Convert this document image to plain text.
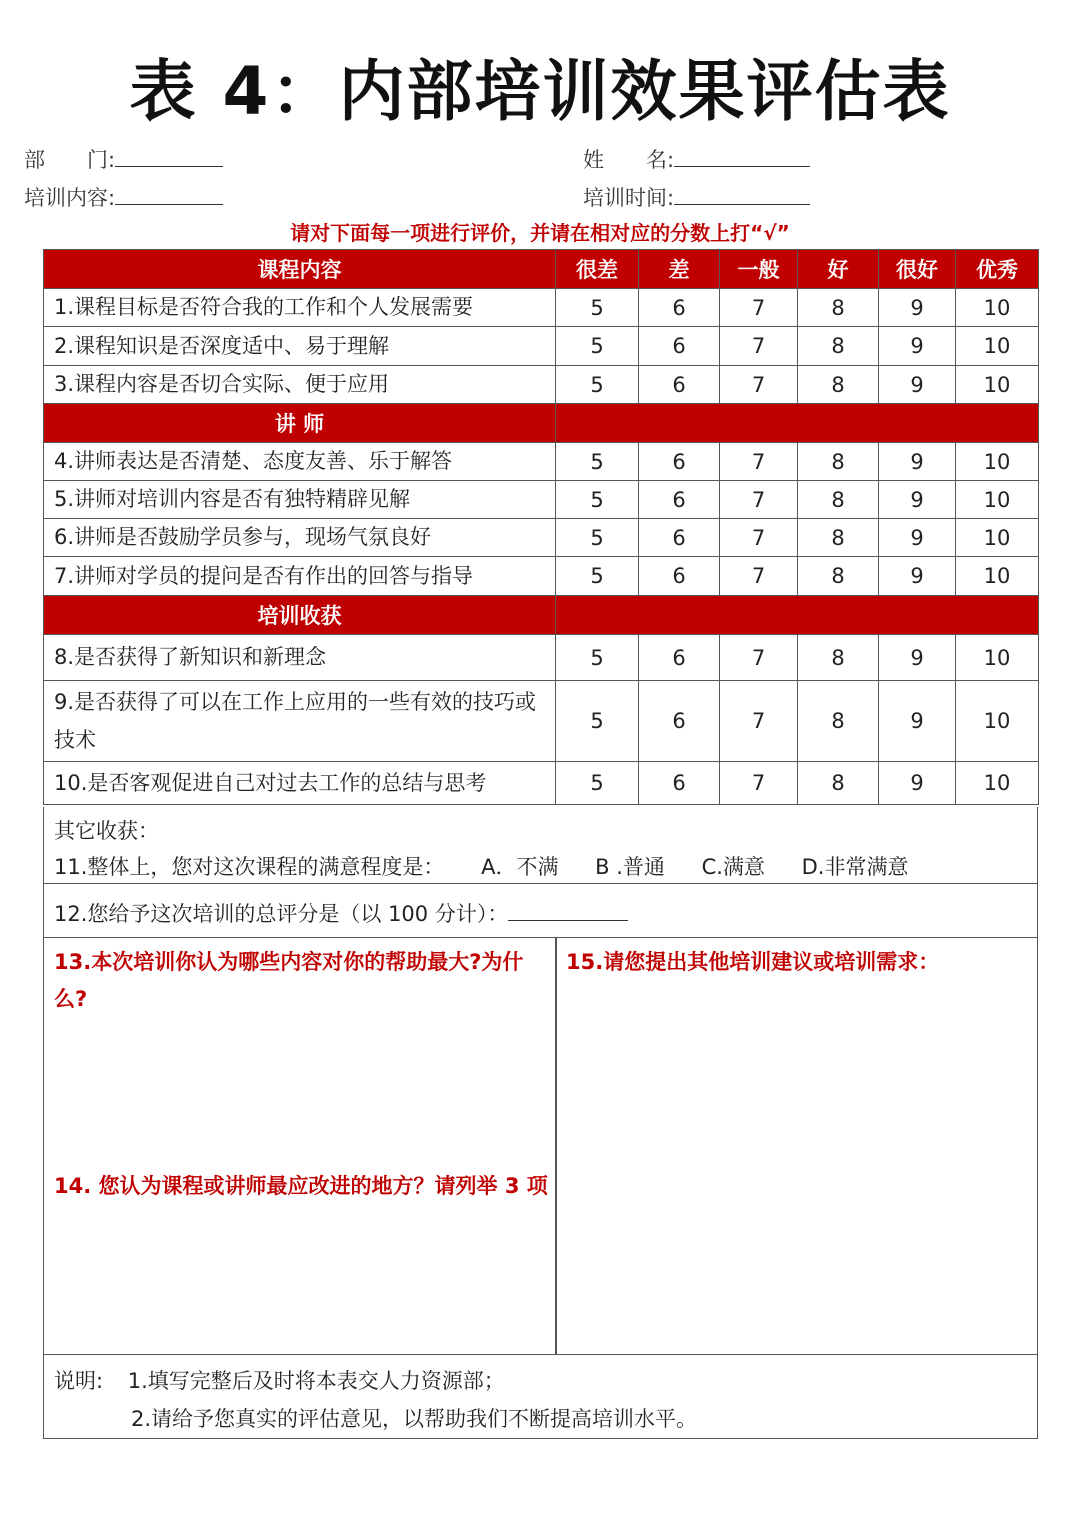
表 4：内部培训效果评估表
部　　门:	姓　　名:
培训内容:	培训时间:
请对下面每一项进行评价，并请在相对应的分数上打“√”
课程内容	很差	差	一般	好	很好	优秀
1.课程目标是否符合我的工作和个人发展需要	5	6	7	8	9	10
2.课程知识是否深度适中、易于理解	5	6	7	8	9	10
3.课程内容是否切合实际、便于应用	5	6	7	8	9	10
讲 师						
4.讲师表达是否清楚、态度友善、乐于解答	5	6	7	8	9	10
5.讲师对培训内容是否有独特精辟见解	5	6	7	8	9	10
6.讲师是否鼓励学员参与，现场气氛良好	5	6	7	8	9	10
7.讲师对学员的提问是否有作出的回答与指导	5	6	7	8	9	10
培训收获						
8.是否获得了新知识和新理念	5	6	7	8	9	10
9.是否获得了可以在工作上应用的一些有效的技巧或技术	5	6	7	8	9	10
10.是否客观促进自己对过去工作的总结与思考	5	6	7	8	9	10
其它收获：
11.整体上，您对这次课程的满意程度是： A．不满 B .普通 C.满意 D.非常满意
12.您给予这次培训的总评分是（以 100 分计）：
13.本次培训你认为哪些内容对你的帮助最大?为什么?
14. 您认为课程或讲师最应改进的地方？请列举 3 项
15.请您提出其他培训建议或培训需求：
说明: 1.填写完整后及时将本表交人力资源部；
2.请给予您真实的评估意见，以帮助我们不断提高培训水平。
